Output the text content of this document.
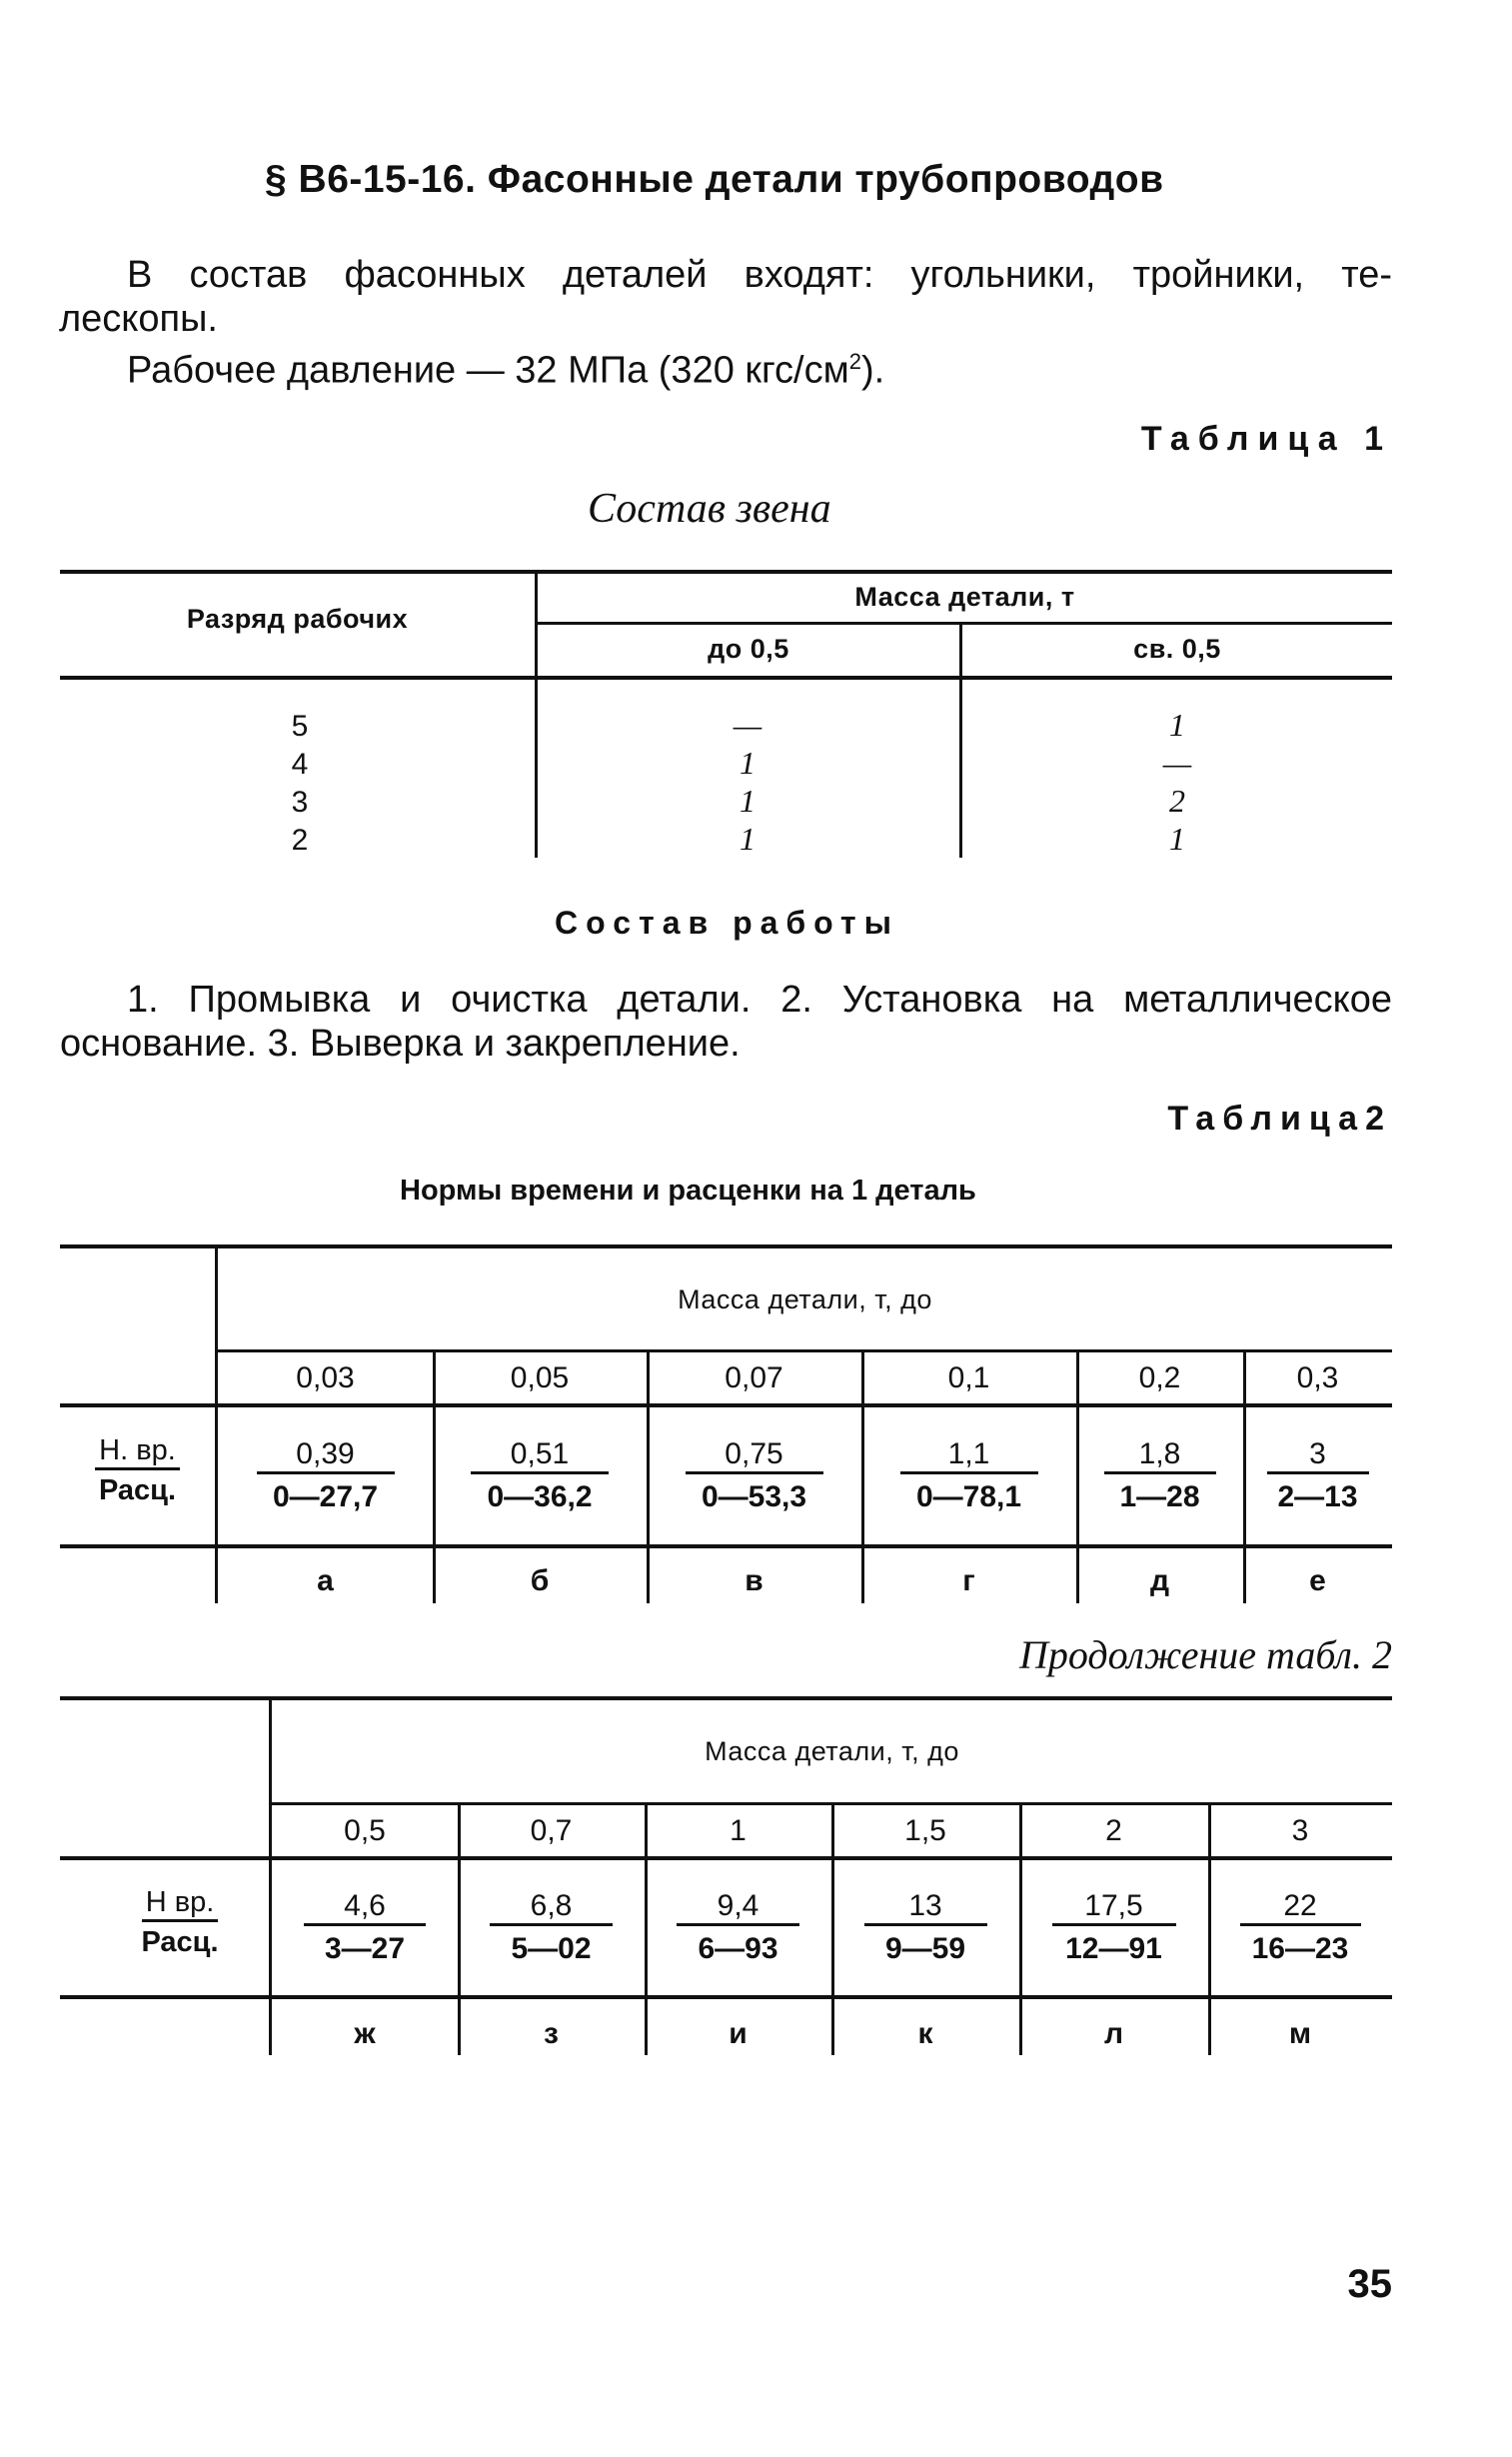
§ В6-15-16. Фасонные детали трубопроводов
В состав фасонных деталей входят: угольники, тройники, те-
лескопы.
Рабочее давление — 32 МПа (320 кгс/$см^2$).
Таблица 1
Состав звена
Разряд рабочих
Масса детали, т
до 0,5	св. 0,5
5
4
3
2
—
1
1
1
1
—
2
1
Состав работы
1. Промывка и очистка детали. 2. Установка на металлическое
основание. 3. Выверка и закрепление.
Таблица2
Нормы времени и расценки на 1 деталь
Масса детали, т, до
Н. вр.
Расц.
0,03
$\frac{0,39}{0—27,7}$
а
0,05
$\frac{0,51}{0—36,2}$
б
0,07
$\frac{0,75}{0—53,3}$
в
0,1
$\frac{1,1}{0—78,1}$
г
0,2
$\frac{1,8}{1—28}$
д
0,3
$\frac{3}{2—13}$
е
Продолжение табл. 2
Масса детали, т, до
Н вр.
Расц.
0,5
$\frac{4,6}{3—27}$
ж
0,7
$\frac{6,8}{5—02}$
з
1
$\frac{9,4}{6—93}$
и
1,5
$\frac{13}{9—59}$
к
2
$\frac{17,5}{12—91}$
л
3
$\frac{22}{16—23}$
м
35
